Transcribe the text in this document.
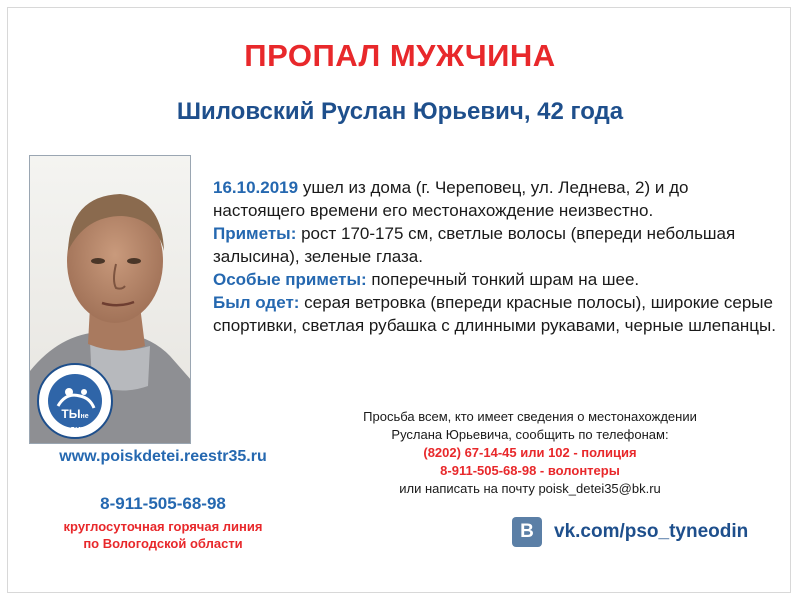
ПРОПАЛ МУЖЧИНА
Шиловский Руслан Юрьевич, 42 года
ТЫне
ОДИН

16.10.2019 ушел из дома (г. Череповец, ул. Леднева, 2) и до настоящего времени его местонахождение неизвестно.

Приметы: рост 170-175 см, светлые волосы (впереди небольшая залысина), зеленые глаза.

Особые приметы: поперечный тонкий шрам на шее.

Был одет: серая ветровка (впереди красные полосы), широкие серые спортивки, светлая рубашка с длинными рукавами, черные шлепанцы.

Просьба всем, кто имеет сведения о местонахождении
Руслана Юрьевича, сообщить по телефонам:
(8202) 67-14-45 или 102 - полиция
8-911-505-68-98 - волонтеры
или написать на почту poisk_detei35@bk.ru
www.poiskdetei.reestr35.ru
8-911-505-68-98
круглосуточная горячая линия
по Вологодской области
B	vk.com/pso_tyneodin
